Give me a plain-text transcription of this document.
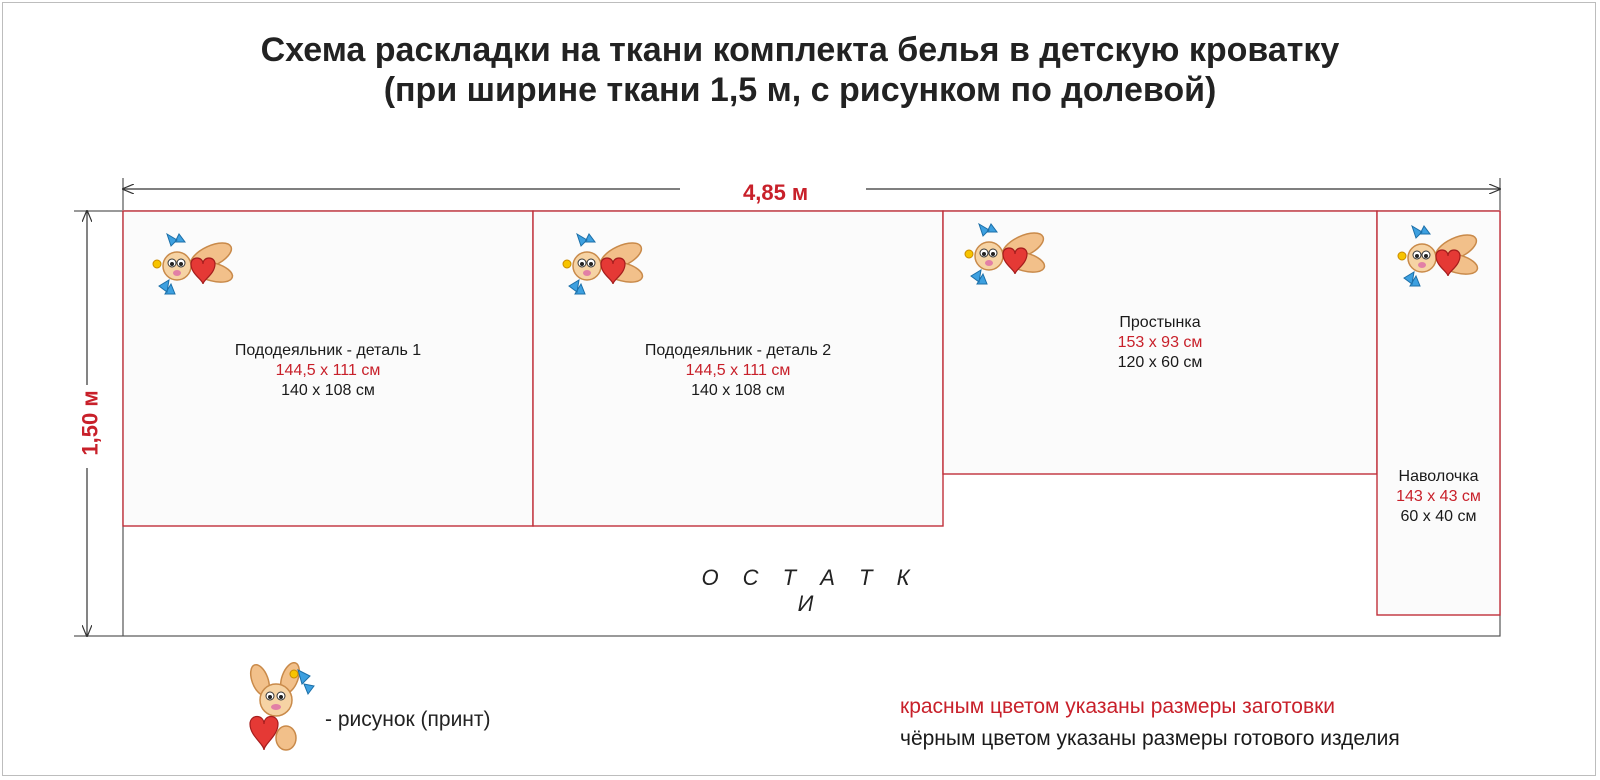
Схема раскладки на ткани комплекта белья в детскую кроватку
(при ширине ткани 1,5 м, с рисунком по долевой)
4,85 м
1,50 м
Пододеяльник - деталь 1
144,5 х 111 см
140 х 108 см
Пододеяльник - деталь 2
144,5 х 111 см
140 х 108 см
Простынка
153 х 93 см
120 х 60 см
Наволочка
143 х 43 см
60 х 40 см
О С Т А Т К И
- рисунок (принт)
красным цветом указаны размеры заготовки
чёрным цветом указаны размеры готового изделия
